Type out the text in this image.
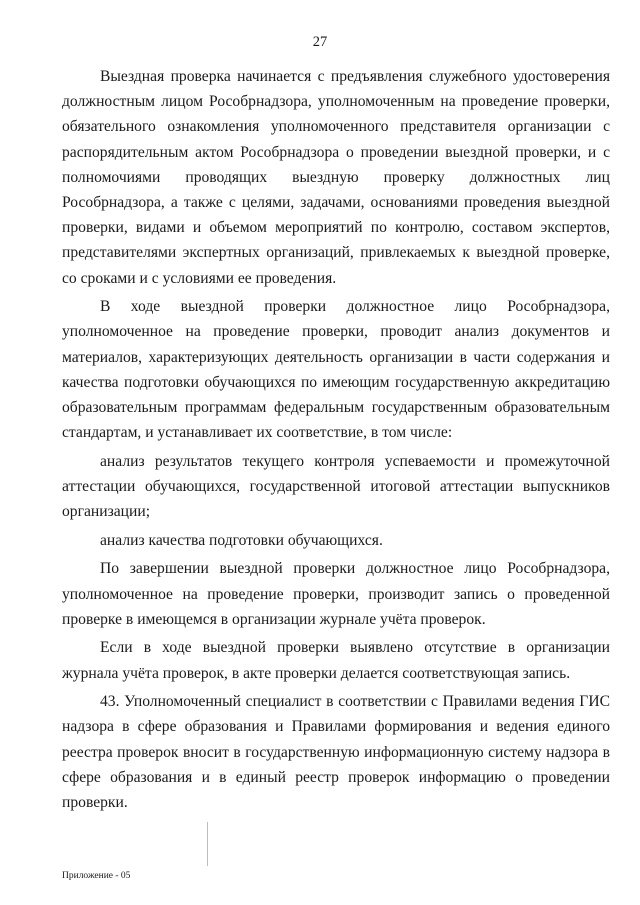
27

Выездная проверка начинается с предъявления служебного удостоверения должностным лицом Рособрнадзора, уполномоченным на проведение проверки, обязательного ознакомления уполномоченного представителя организации с распорядительным актом Рособрнадзора о проведении выездной проверки, и с полномочиями проводящих выездную проверку должностных лиц Рособрнадзора, а также с целями, задачами, основаниями проведения выездной проверки, видами и объемом мероприятий по контролю, составом экспертов, представителями экспертных организаций, привлекаемых к выездной проверке, со сроками и с условиями ее проведения.

В ходе выездной проверки должностное лицо Рособрнадзора, уполномоченное на проведение проверки, проводит анализ документов и материалов, характеризующих деятельность организации в части содержания и качества подготовки обучающихся по имеющим государственную аккредитацию образовательным программам федеральным государственным образовательным стандартам, и устанавливает их соответствие, в том числе:

анализ результатов текущего контроля успеваемости и промежуточной аттестации обучающихся, государственной итоговой аттестации выпускников организации;

анализ качества подготовки обучающихся.

По завершении выездной проверки должностное лицо Рособрнадзора, уполномоченное на проведение проверки, производит запись о проведенной проверке в имеющемся в организации журнале учёта проверок.

Если в ходе выездной проверки выявлено отсутствие в организации журнала учёта проверок, в акте проверки делается соответствующая запись.

43. Уполномоченный специалист в соответствии с Правилами ведения ГИС надзора в сфере образования и Правилами формирования и ведения единого реестра проверок вносит в государственную информационную систему надзора в сфере образования и в единый реестр проверок информацию о проведении проверки.

Приложение - 05
